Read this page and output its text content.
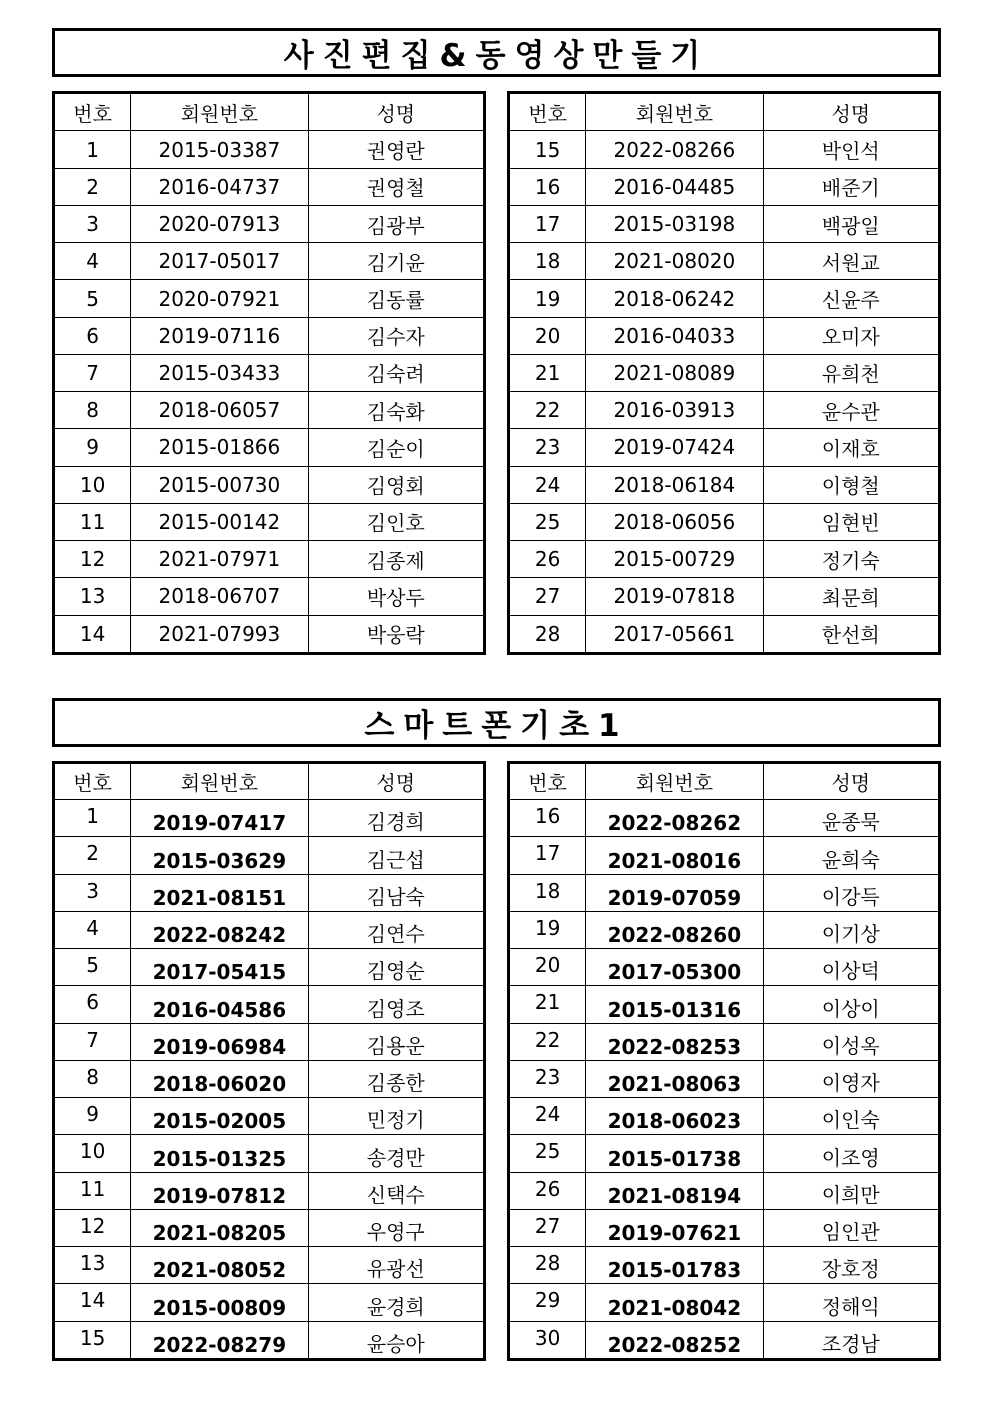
사진편집&동영상만들기
번호	회원번호	성명
1	2015-03387	권영란
2	2016-04737	권영철
3	2020-07913	김광부
4	2017-05017	김기윤
5	2020-07921	김동률
6	2019-07116	김수자
7	2015-03433	김숙려
8	2018-06057	김숙화
9	2015-01866	김순이
10	2015-00730	김영회
11	2015-00142	김인호
12	2021-07971	김종제
13	2018-06707	박상두
14	2021-07993	박웅락
번호	회원번호	성명
15	2022-08266	박인석
16	2016-04485	배준기
17	2015-03198	백광일
18	2021-08020	서원교
19	2018-06242	신윤주
20	2016-04033	오미자
21	2021-08089	유희천
22	2016-03913	윤수관
23	2019-07424	이재호
24	2018-06184	이형철
25	2018-06056	임현빈
26	2015-00729	정기숙
27	2019-07818	최문희
28	2017-05661	한선희
스마트폰기초1
번호	회원번호	성명
1	2019-07417	김경희
2	2015-03629	김근섭
3	2021-08151	김남숙
4	2022-08242	김연수
5	2017-05415	김영순
6	2016-04586	김영조
7	2019-06984	김용운
8	2018-06020	김종한
9	2015-02005	민정기
10	2015-01325	송경만
11	2019-07812	신택수
12	2021-08205	우영구
13	2021-08052	유광선
14	2015-00809	윤경희
15	2022-08279	윤승아
번호	회원번호	성명
16	2022-08262	윤종묵
17	2021-08016	윤희숙
18	2019-07059	이강득
19	2022-08260	이기상
20	2017-05300	이상덕
21	2015-01316	이상이
22	2022-08253	이성옥
23	2021-08063	이영자
24	2018-06023	이인숙
25	2015-01738	이조영
26	2021-08194	이희만
27	2019-07621	임인관
28	2015-01783	장호정
29	2021-08042	정해익
30	2022-08252	조경남
